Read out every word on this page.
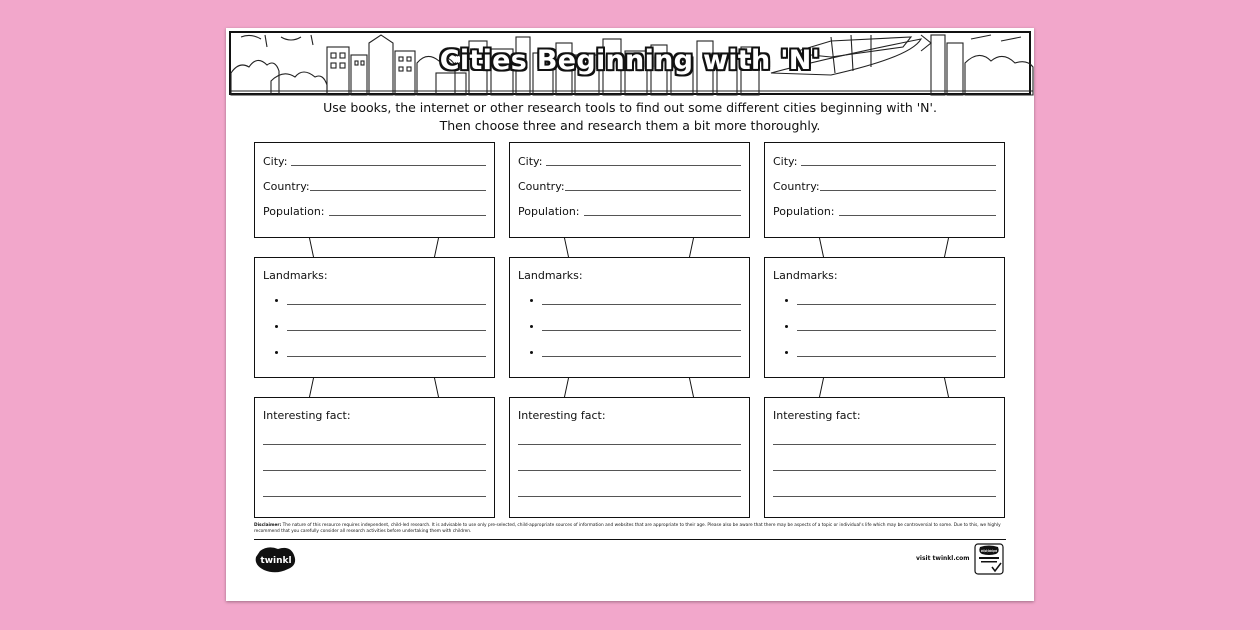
Cities Beginning with 'N'
Use books, the internet or other research tools to find out some different cities beginning with 'N'.
Then choose three and research them a bit more thoroughly.
City:
Country:
Population:
Landmarks:
Interesting fact:
City:
Country:
Population:
Landmarks:
Interesting fact:
City:
Country:
Population:
Landmarks:
Interesting fact:
Disclaimer: The nature of this resource requires independent, child-led research. It is advisable to use only pre-selected, child-appropriate sources of information and websites that are appropriate to their age. Please also be aware that there may be aspects of a topic or individual's life which may be controversial to some. Due to this, we highly recommend that you carefully consider all research activities before undertaking them with children.
twinkl	visit twinkl.com
twinkl Quality Standard Approved
